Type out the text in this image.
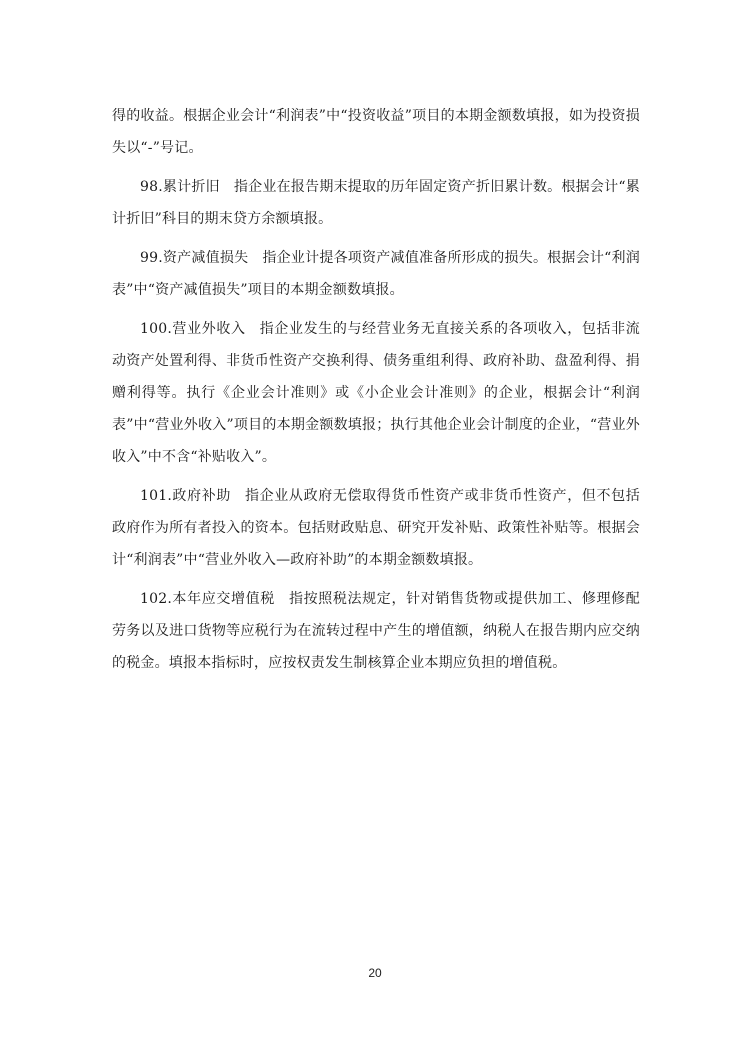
得的收益。根据企业会计“利润表”中“投资收益”项目的本期金额数填报，如为投资损失以“-”号记。

98.累计折旧 指企业在报告期末提取的历年固定资产折旧累计数。根据会计“累计折旧”科目的期末贷方余额填报。

99.资产减值损失 指企业计提各项资产减值准备所形成的损失。根据会计“利润表”中“资产减值损失”项目的本期金额数填报。

100.营业外收入 指企业发生的与经营业务无直接关系的各项收入，包括非流动资产处置利得、非货币性资产交换利得、债务重组利得、政府补助、盘盈利得、捐赠利得等。执行《企业会计准则》或《小企业会计准则》的企业，根据会计“利润表”中“营业外收入”项目的本期金额数填报；执行其他企业会计制度的企业，“营业外收入”中不含“补贴收入”。

101.政府补助 指企业从政府无偿取得货币性资产或非货币性资产，但不包括政府作为所有者投入的资本。包括财政贴息、研究开发补贴、政策性补贴等。根据会计“利润表”中“营业外收入—政府补助”的本期金额数填报。

102.本年应交增值税 指按照税法规定，针对销售货物或提供加工、修理修配劳务以及进口货物等应税行为在流转过程中产生的增值额，纳税人在报告期内应交纳的税金。填报本指标时，应按权责发生制核算企业本期应负担的增值税。

20
